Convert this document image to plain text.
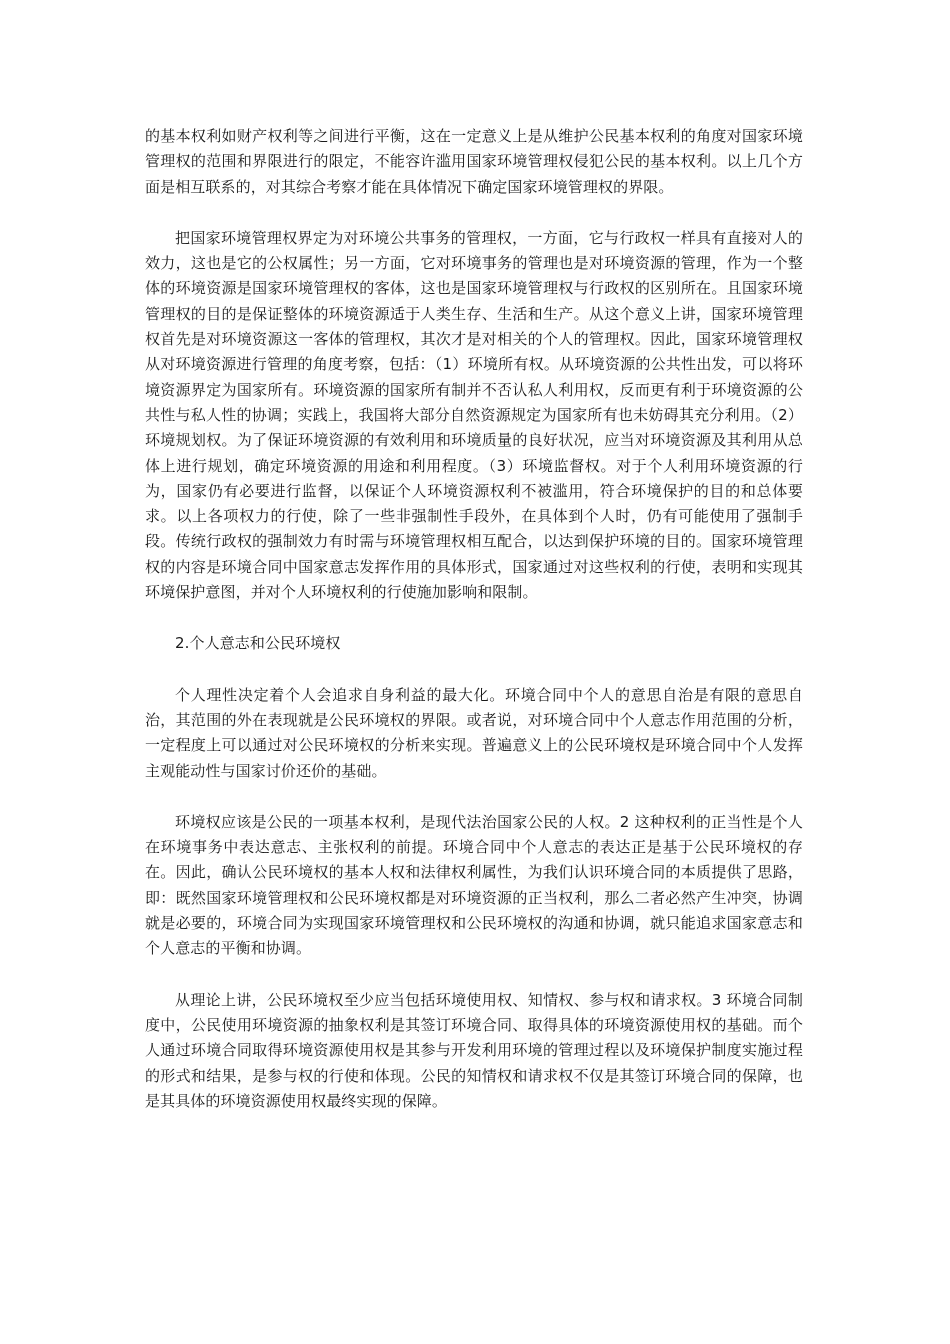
的基本权利如财产权利等之间进行平衡，这在一定意义上是从维护公民基本权利的角度对国家环境管理权的范围和界限进行的限定，不能容许滥用国家环境管理权侵犯公民的基本权利。以上几个方面是相互联系的，对其综合考察才能在具体情况下确定国家环境管理权的界限。

把国家环境管理权界定为对环境公共事务的管理权，一方面，它与行政权一样具有直接对人的效力，这也是它的公权属性；另一方面，它对环境事务的管理也是对环境资源的管理，作为一个整体的环境资源是国家环境管理权的客体，这也是国家环境管理权与行政权的区别所在。且国家环境管理权的目的是保证整体的环境资源适于人类生存、生活和生产。从这个意义上讲，国家环境管理权首先是对环境资源这一客体的管理权，其次才是对相关的个人的管理权。因此，国家环境管理权从对环境资源进行管理的角度考察，包括：（1）环境所有权。从环境资源的公共性出发，可以将环境资源界定为国家所有。环境资源的国家所有制并不否认私人利用权，反而更有利于环境资源的公共性与私人性的协调；实践上，我国将大部分自然资源规定为国家所有也未妨碍其充分利用。（2）环境规划权。为了保证环境资源的有效利用和环境质量的良好状况，应当对环境资源及其利用从总体上进行规划，确定环境资源的用途和利用程度。（3）环境监督权。对于个人利用环境资源的行为，国家仍有必要进行监督，以保证个人环境资源权利不被滥用，符合环境保护的目的和总体要求。以上各项权力的行使，除了一些非强制性手段外，在具体到个人时，仍有可能使用了强制手段。传统行政权的强制效力有时需与环境管理权相互配合，以达到保护环境的目的。国家环境管理权的内容是环境合同中国家意志发挥作用的具体形式，国家通过对这些权利的行使，表明和实现其环境保护意图，并对个人环境权利的行使施加影响和限制。

2.个人意志和公民环境权

个人理性决定着个人会追求自身利益的最大化。环境合同中个人的意思自治是有限的意思自治，其范围的外在表现就是公民环境权的界限。或者说，对环境合同中个人意志作用范围的分析，一定程度上可以通过对公民环境权的分析来实现。普遍意义上的公民环境权是环境合同中个人发挥主观能动性与国家讨价还价的基础。

环境权应该是公民的一项基本权利，是现代法治国家公民的人权。2 这种权利的正当性是个人在环境事务中表达意志、主张权利的前提。环境合同中个人意志的表达正是基于公民环境权的存在。因此，确认公民环境权的基本人权和法律权利属性，为我们认识环境合同的本质提供了思路，即：既然国家环境管理权和公民环境权都是对环境资源的正当权利，那么二者必然产生冲突，协调就是必要的，环境合同为实现国家环境管理权和公民环境权的沟通和协调，就只能追求国家意志和个人意志的平衡和协调。

从理论上讲，公民环境权至少应当包括环境使用权、知情权、参与权和请求权。3 环境合同制度中，公民使用环境资源的抽象权利是其签订环境合同、取得具体的环境资源使用权的基础。而个人通过环境合同取得环境资源使用权是其参与开发利用环境的管理过程以及环境保护制度实施过程的形式和结果，是参与权的行使和体现。公民的知情权和请求权不仅是其签订环境合同的保障，也是其具体的环境资源使用权最终实现的保障。
